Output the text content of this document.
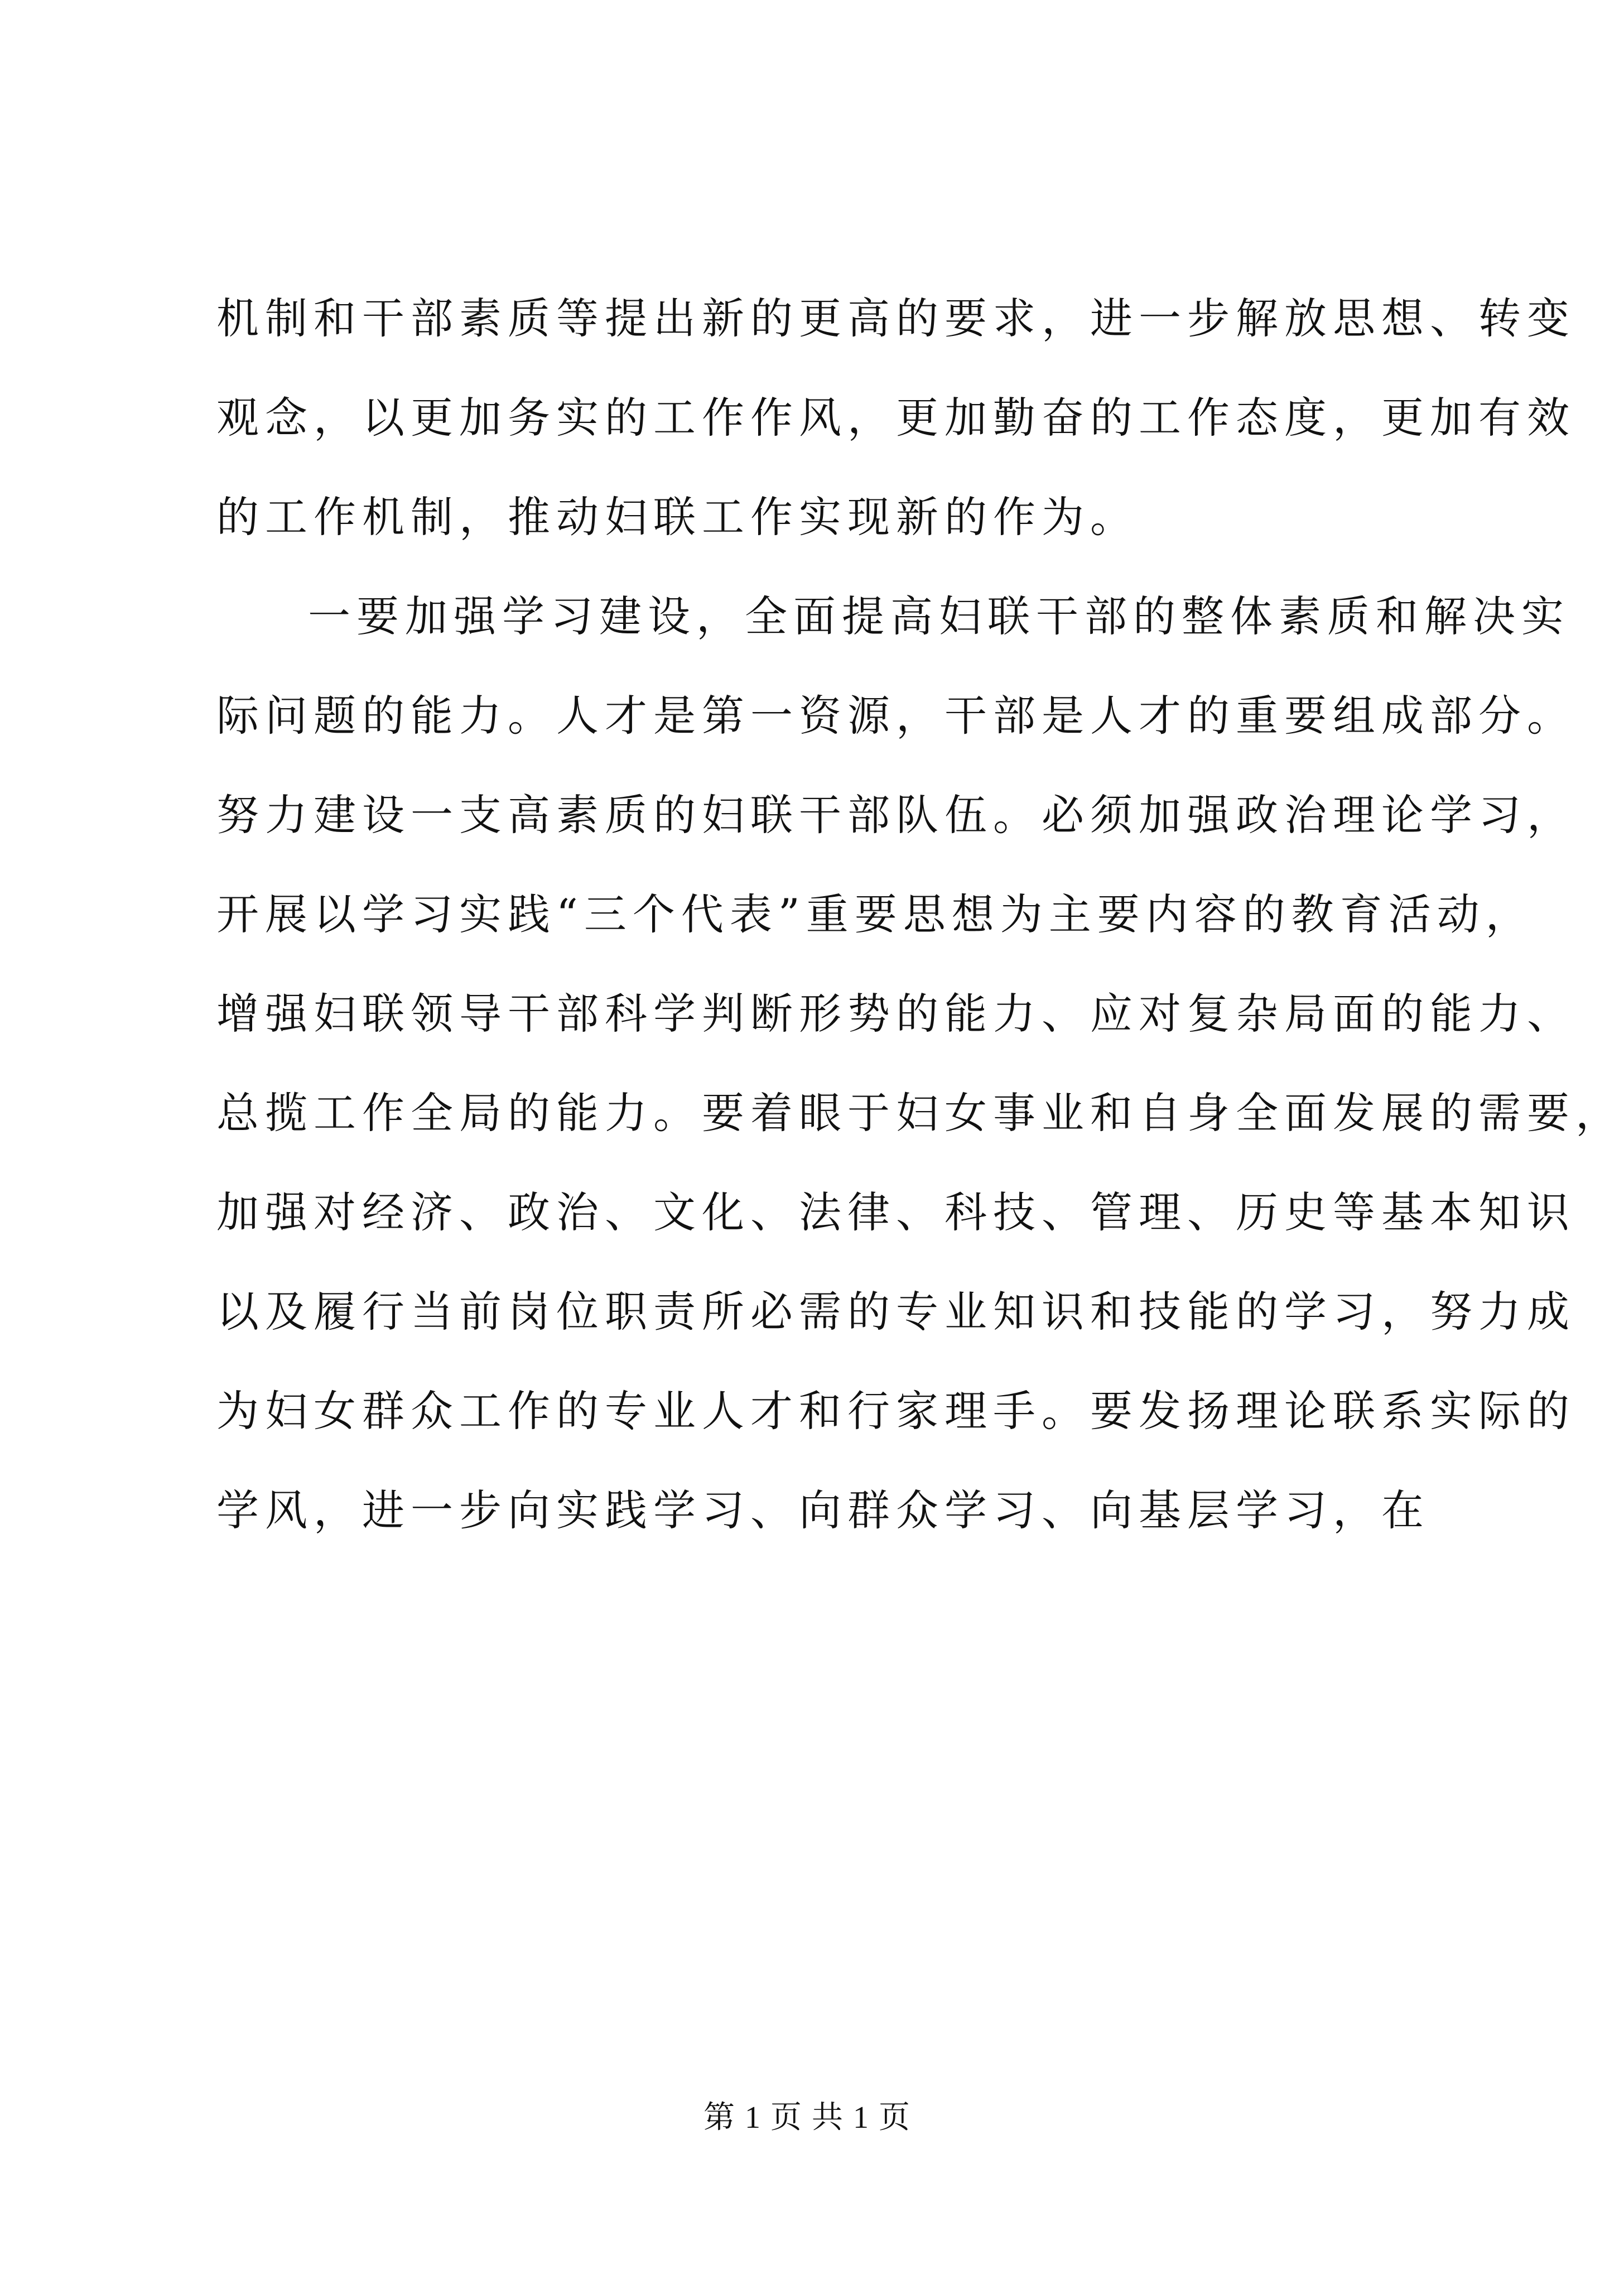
机制和干部素质等提出新的更高的要求，进一步解放思想、转变
观念，以更加务实的工作作风，更加勤奋的工作态度，更加有效
的工作机制，推动妇联工作实现新的作为。
一要加强学习建设，全面提高妇联干部的整体素质和解决实
际问题的能力。人才是第一资源，干部是人才的重要组成部分。
努力建设一支高素质的妇联干部队伍。必须加强政治理论学习，
开展以学习实践“三个代表”重要思想为主要内容的教育活动，
增强妇联领导干部科学判断形势的能力、应对复杂局面的能力、
总揽工作全局的能力。要着眼于妇女事业和自身全面发展的需要，
加强对经济、政治、文化、法律、科技、管理、历史等基本知识
以及履行当前岗位职责所必需的专业知识和技能的学习，努力成
为妇女群众工作的专业人才和行家理手。要发扬理论联系实际的
学风，进一步向实践学习、向群众学习、向基层学习，在
第 1 页 共 1 页
